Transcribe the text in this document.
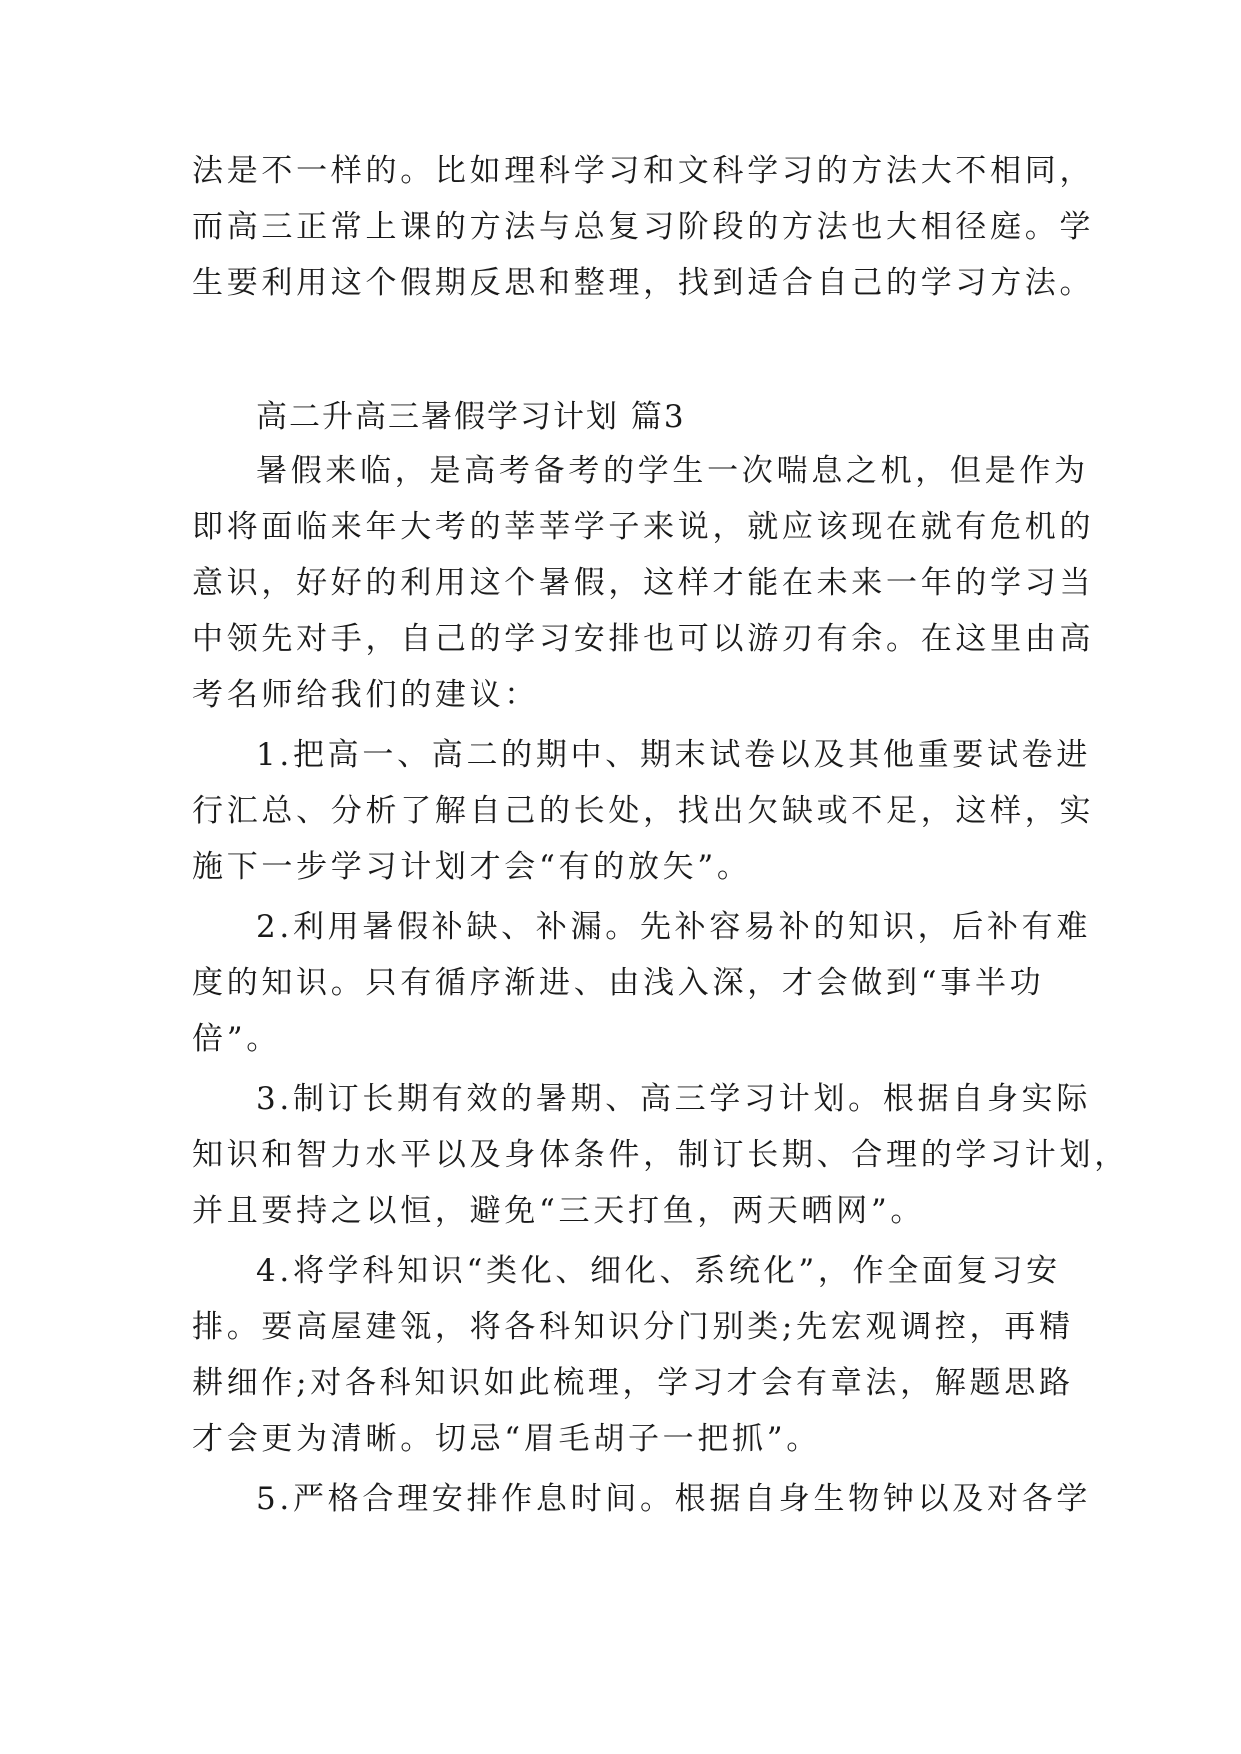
法是不一样的。比如理科学习和文科学习的方法大不相同，
而高三正常上课的方法与总复习阶段的方法也大相径庭。学
生要利用这个假期反思和整理，找到适合自己的学习方法。
高二升高三暑假学习计划 篇3
暑假来临，是高考备考的学生一次喘息之机，但是作为
即将面临来年大考的莘莘学子来说，就应该现在就有危机的
意识，好好的利用这个暑假，这样才能在未来一年的学习当
中领先对手，自己的学习安排也可以游刃有余。在这里由高
考名师给我们的建议：
1.把高一、高二的期中、期末试卷以及其他重要试卷进
行汇总、分析了解自己的长处，找出欠缺或不足，这样，实
施下一步学习计划才会“有的放矢”。
2.利用暑假补缺、补漏。先补容易补的知识，后补有难
度的知识。只有循序渐进、由浅入深，才会做到“事半功
倍”。
3.制订长期有效的暑期、高三学习计划。根据自身实际
知识和智力水平以及身体条件，制订长期、合理的学习计划，
并且要持之以恒，避免“三天打鱼，两天晒网”。
4.将学科知识“类化、细化、系统化”，作全面复习安
排。要高屋建瓴，将各科知识分门别类;先宏观调控，再精
耕细作;对各科知识如此梳理，学习才会有章法，解题思路
才会更为清晰。切忌“眉毛胡子一把抓”。
5.严格合理安排作息时间。根据自身生物钟以及对各学
